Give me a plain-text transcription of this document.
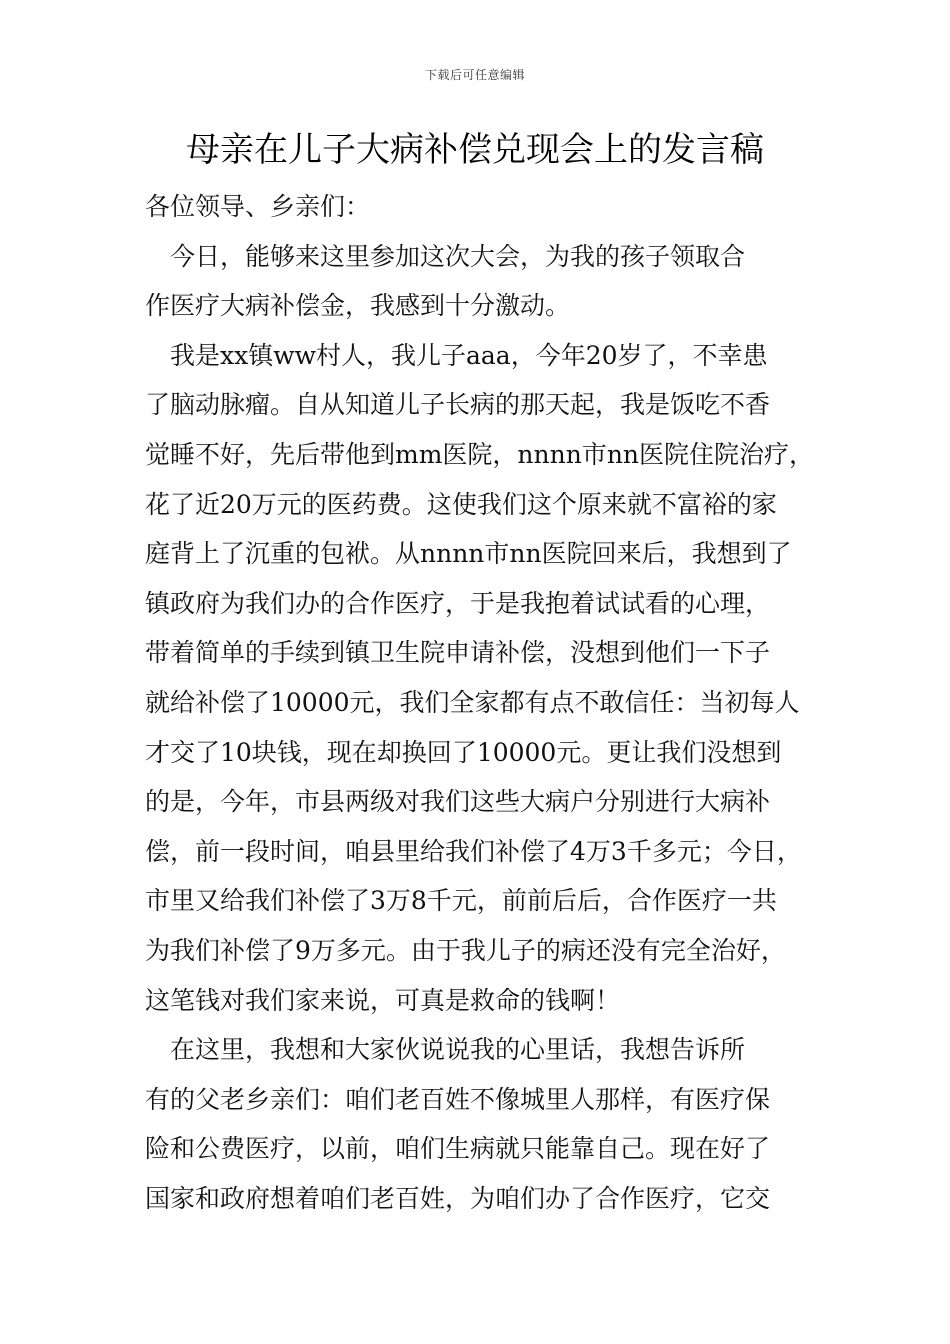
下载后可任意编辑
母亲在儿子大病补偿兑现会上的发言稿
各位领导、乡亲们：
　今日，能够来这里参加这次大会，为我的孩子领取合
作医疗大病补偿金，我感到十分激动。
　我是xx镇ww村人，我儿子aaa，今年20岁了，不幸患
了脑动脉瘤。自从知道儿子长病的那天起，我是饭吃不香
觉睡不好，先后带他到mm医院，nnnn市nn医院住院治疗，
花了近20万元的医药费。这使我们这个原来就不富裕的家
庭背上了沉重的包袱。从nnnn市nn医院回来后，我想到了
镇政府为我们办的合作医疗，于是我抱着试试看的心理，
带着简单的手续到镇卫生院申请补偿，没想到他们一下子
就给补偿了10000元，我们全家都有点不敢信任：当初每人
才交了10块钱，现在却换回了10000元。更让我们没想到
的是，今年，市县两级对我们这些大病户分别进行大病补
偿，前一段时间，咱县里给我们补偿了4万3千多元；今日，
市里又给我们补偿了3万8千元，前前后后，合作医疗一共
为我们补偿了9万多元。由于我儿子的病还没有完全治好，
这笔钱对我们家来说，可真是救命的钱啊！
　在这里，我想和大家伙说说我的心里话，我想告诉所
有的父老乡亲们：咱们老百姓不像城里人那样，有医疗保
险和公费医疗，以前，咱们生病就只能靠自己。现在好了
国家和政府想着咱们老百姓，为咱们办了合作医疗，它交
